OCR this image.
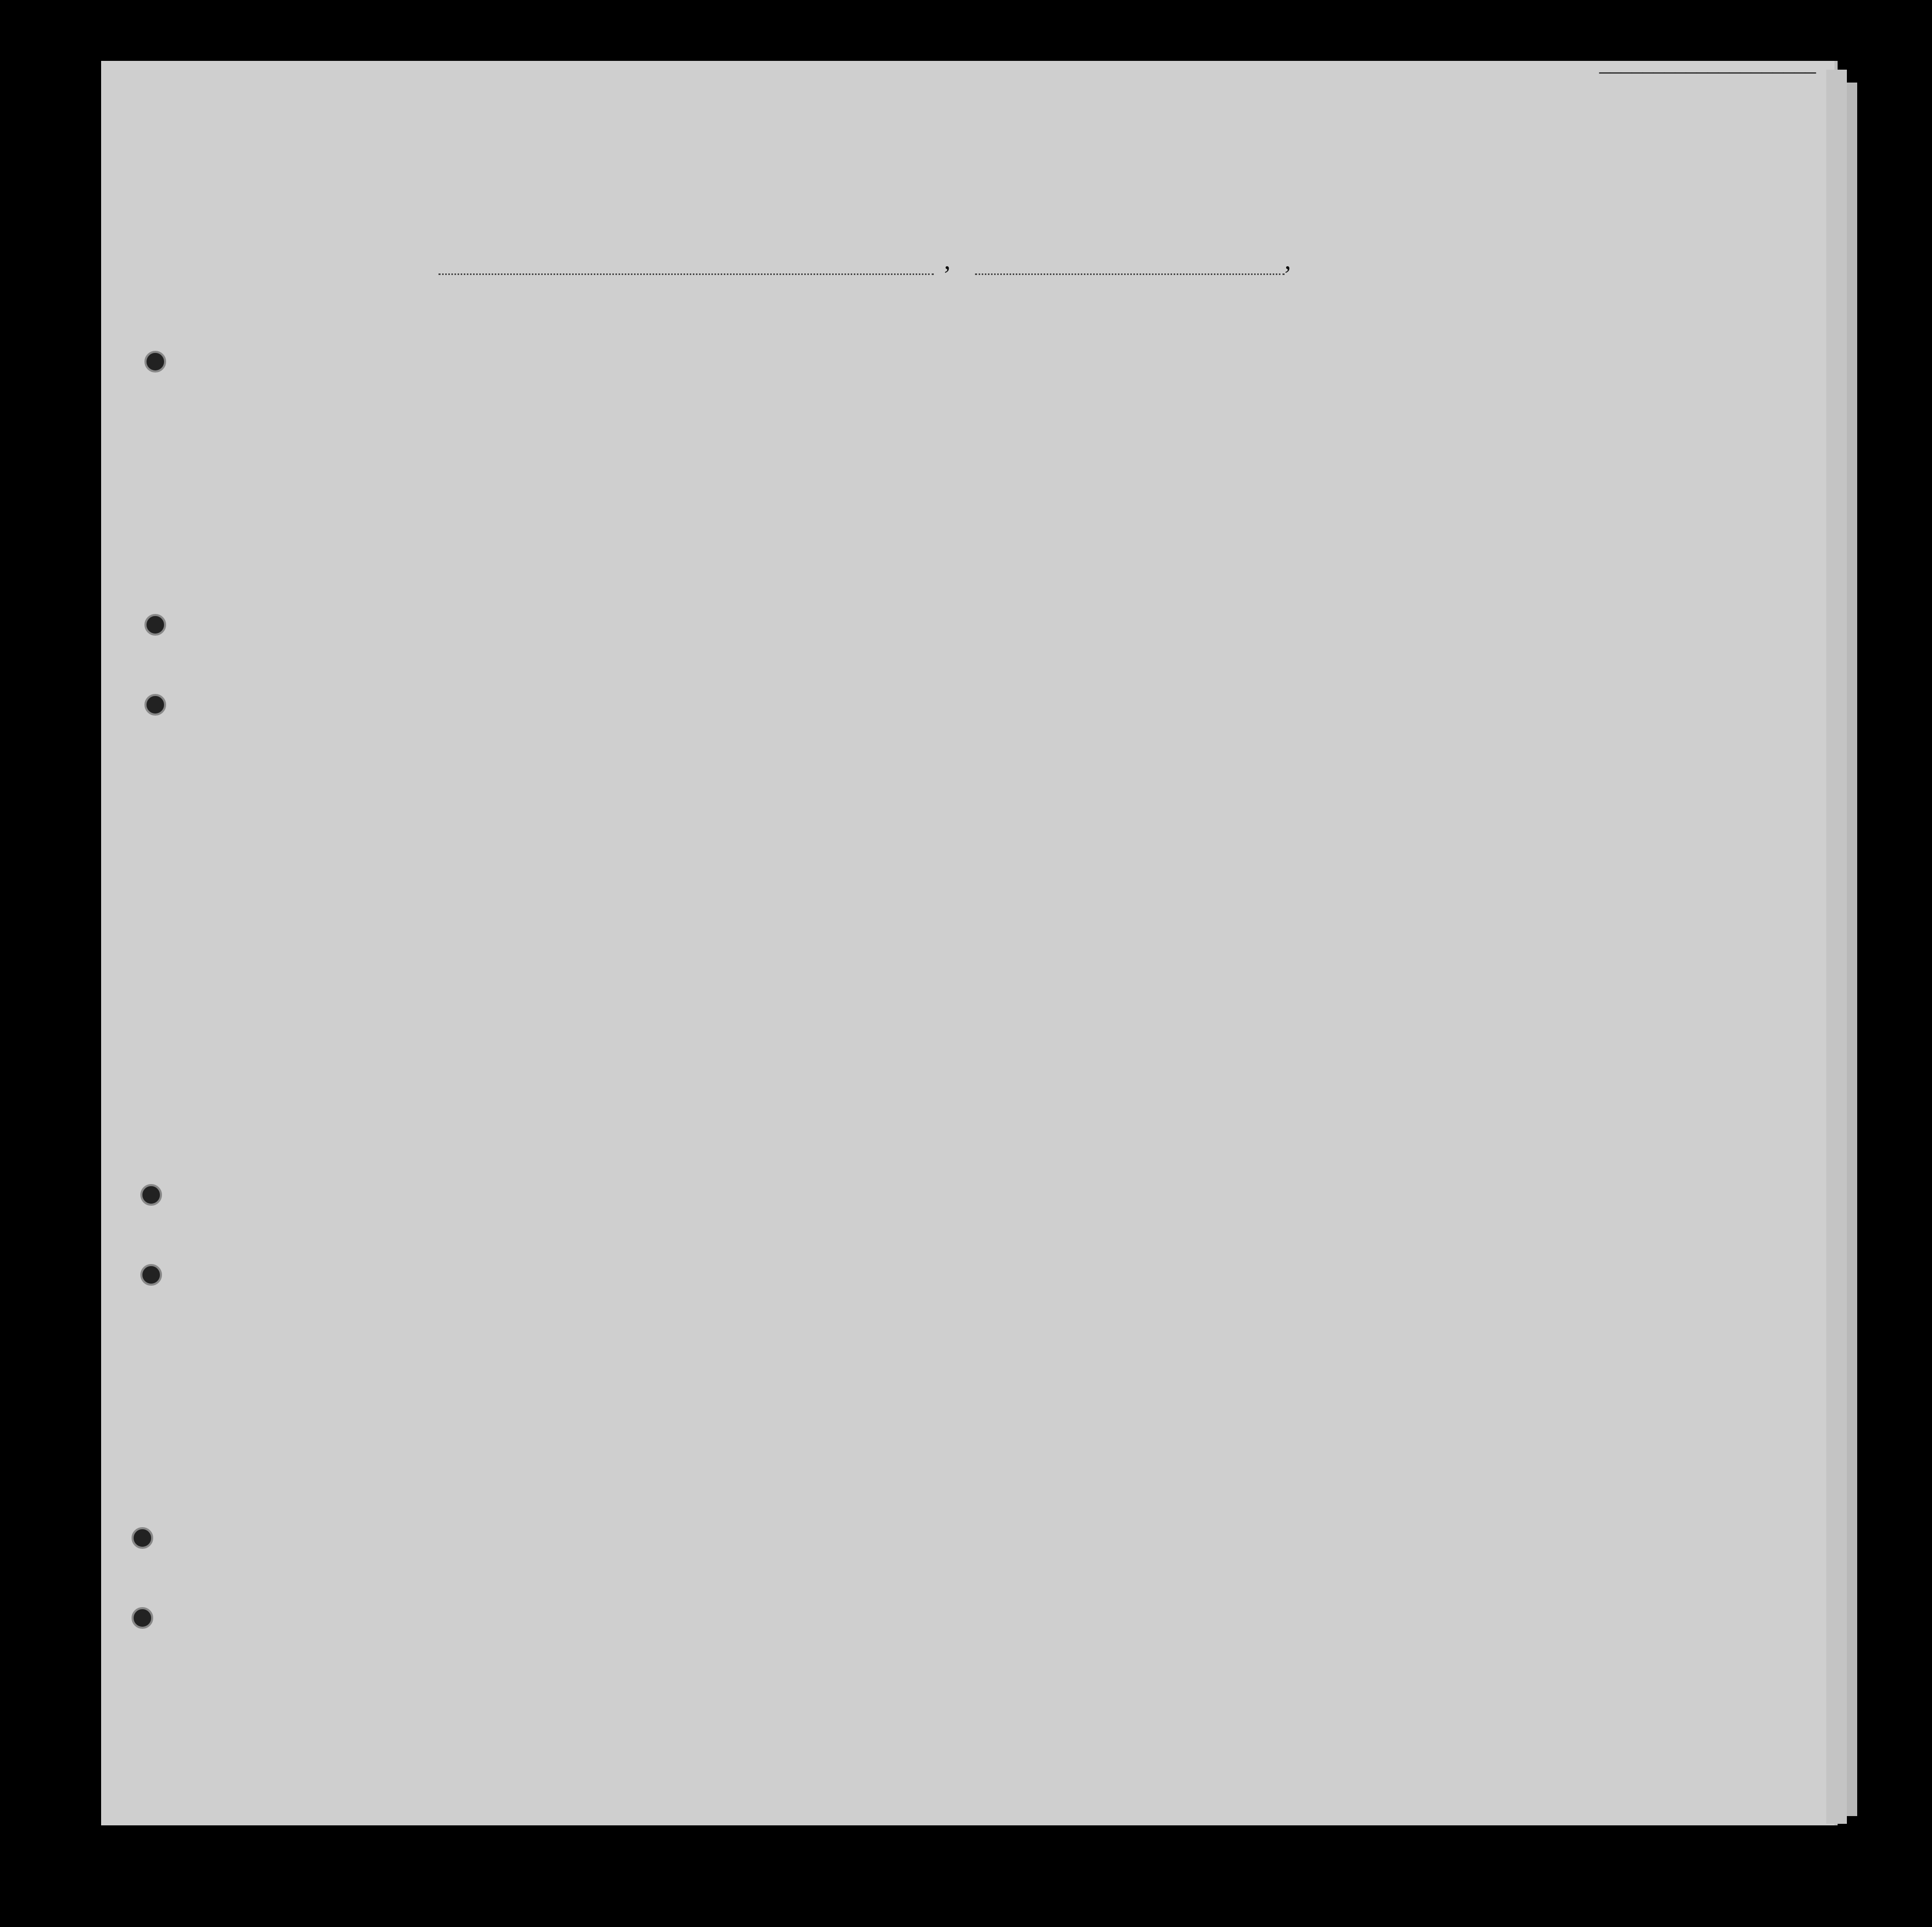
____________________
,	,
